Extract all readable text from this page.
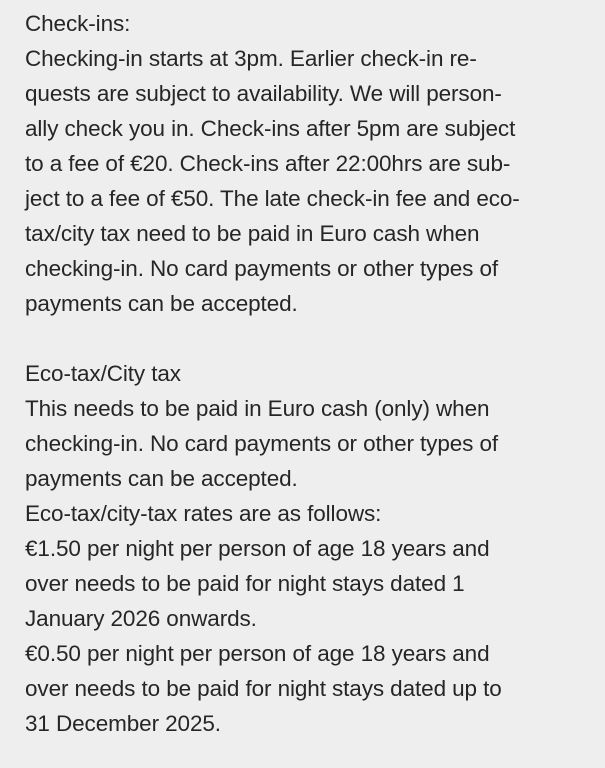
Check-ins:
Checking-in starts at 3pm. Earlier check-in re-
quests are subject to availability. We will person-
ally check you in. Check-ins after 5pm are subject
to a fee of €20. Check-ins after 22:00hrs are sub-
ject to a fee of €50. The late check-in fee and eco-
tax/city tax need to be paid in Euro cash when
checking-in. No card payments or other types of
payments can be accepted.
Eco-tax/City tax
This needs to be paid in Euro cash (only) when
checking-in. No card payments or other types of
payments can be accepted.
Eco-tax/city-tax rates are as follows:
€1.50 per night per person of age 18 years and
over needs to be paid for night stays dated 1
January 2026 onwards.
€0.50 per night per person of age 18 years and
over needs to be paid for night stays dated up to
31 December 2025.
